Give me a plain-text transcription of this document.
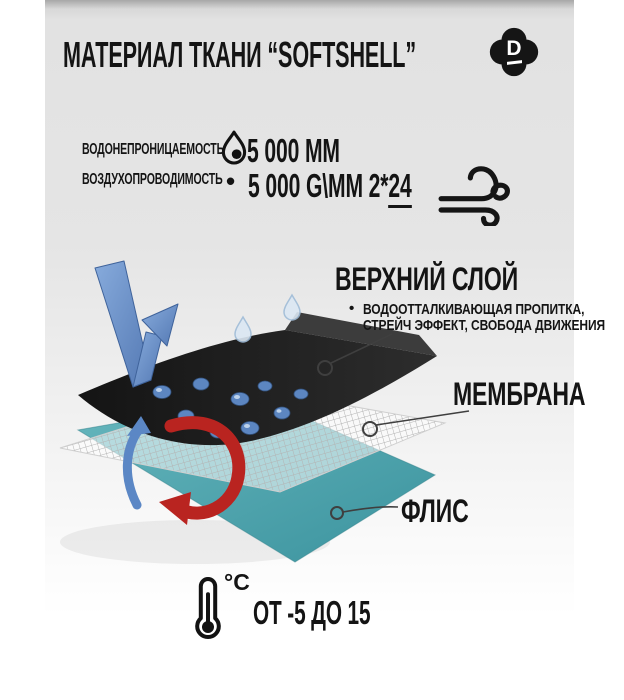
МАТЕРИАЛ ТКАНИ “SOFTSHELL”	D
ВОДОНЕПРОНИЦАЕМОСТЬ 5 000 MM
ВОЗДУХОПРОВОДИМОСТЬ • 5 000 G\MM 2*24
ВЕРХНИЙ СЛОЙ
• ВОДООТТАЛКИВАЮЩАЯ ПРОПИТКА,
СТРЕЙЧ ЭФФЕКТ, СВОБОДА ДВИЖЕНИЯ
МЕМБРАНА
ФЛИС
°C
ОТ -5 ДО 15
